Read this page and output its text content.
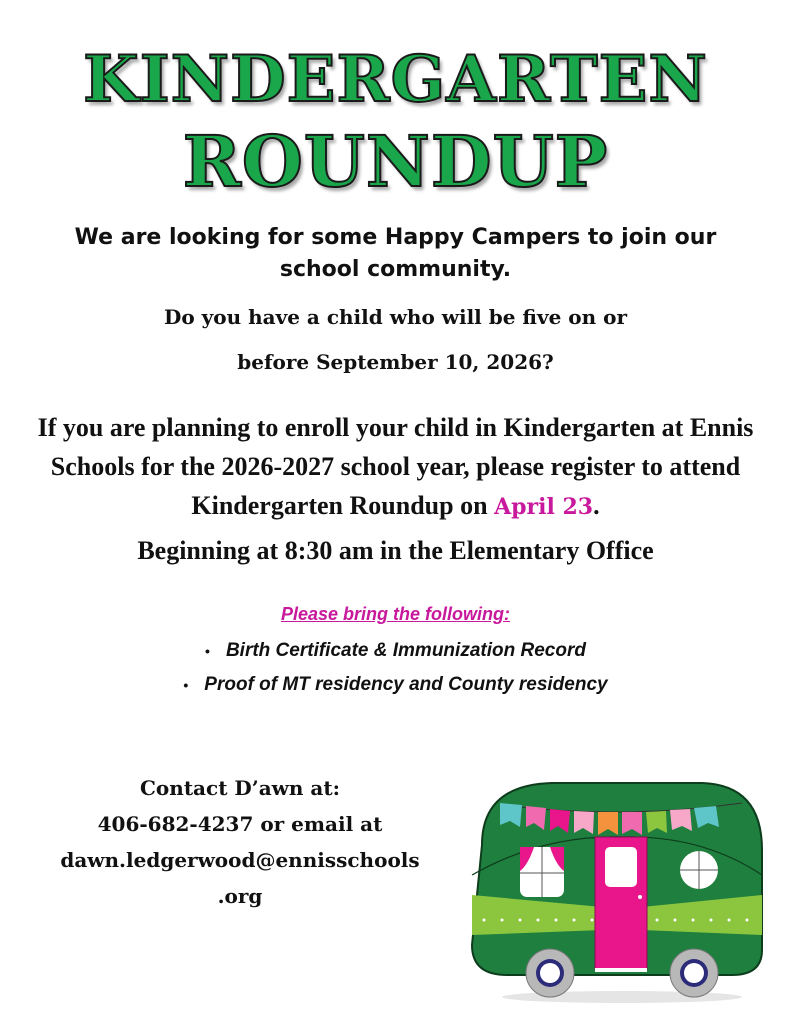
KINDERGARTEN
ROUNDUP
We are looking for some Happy Campers to join our school community.
Do you have a child who will be five on or
before September 10, 2026?
If you are planning to enroll your child in Kindergarten at Ennis Schools for the 2026-2027 school year, please register to attend Kindergarten Roundup on April 23.
Beginning at 8:30 am in the Elementary Office
Please bring the following:
• Birth Certificate & Immunization Record
• Proof of MT residency and County residency
Contact D’awn at:
406-682-4237 or email at
dawn.ledgerwood@ennisschools
.org
